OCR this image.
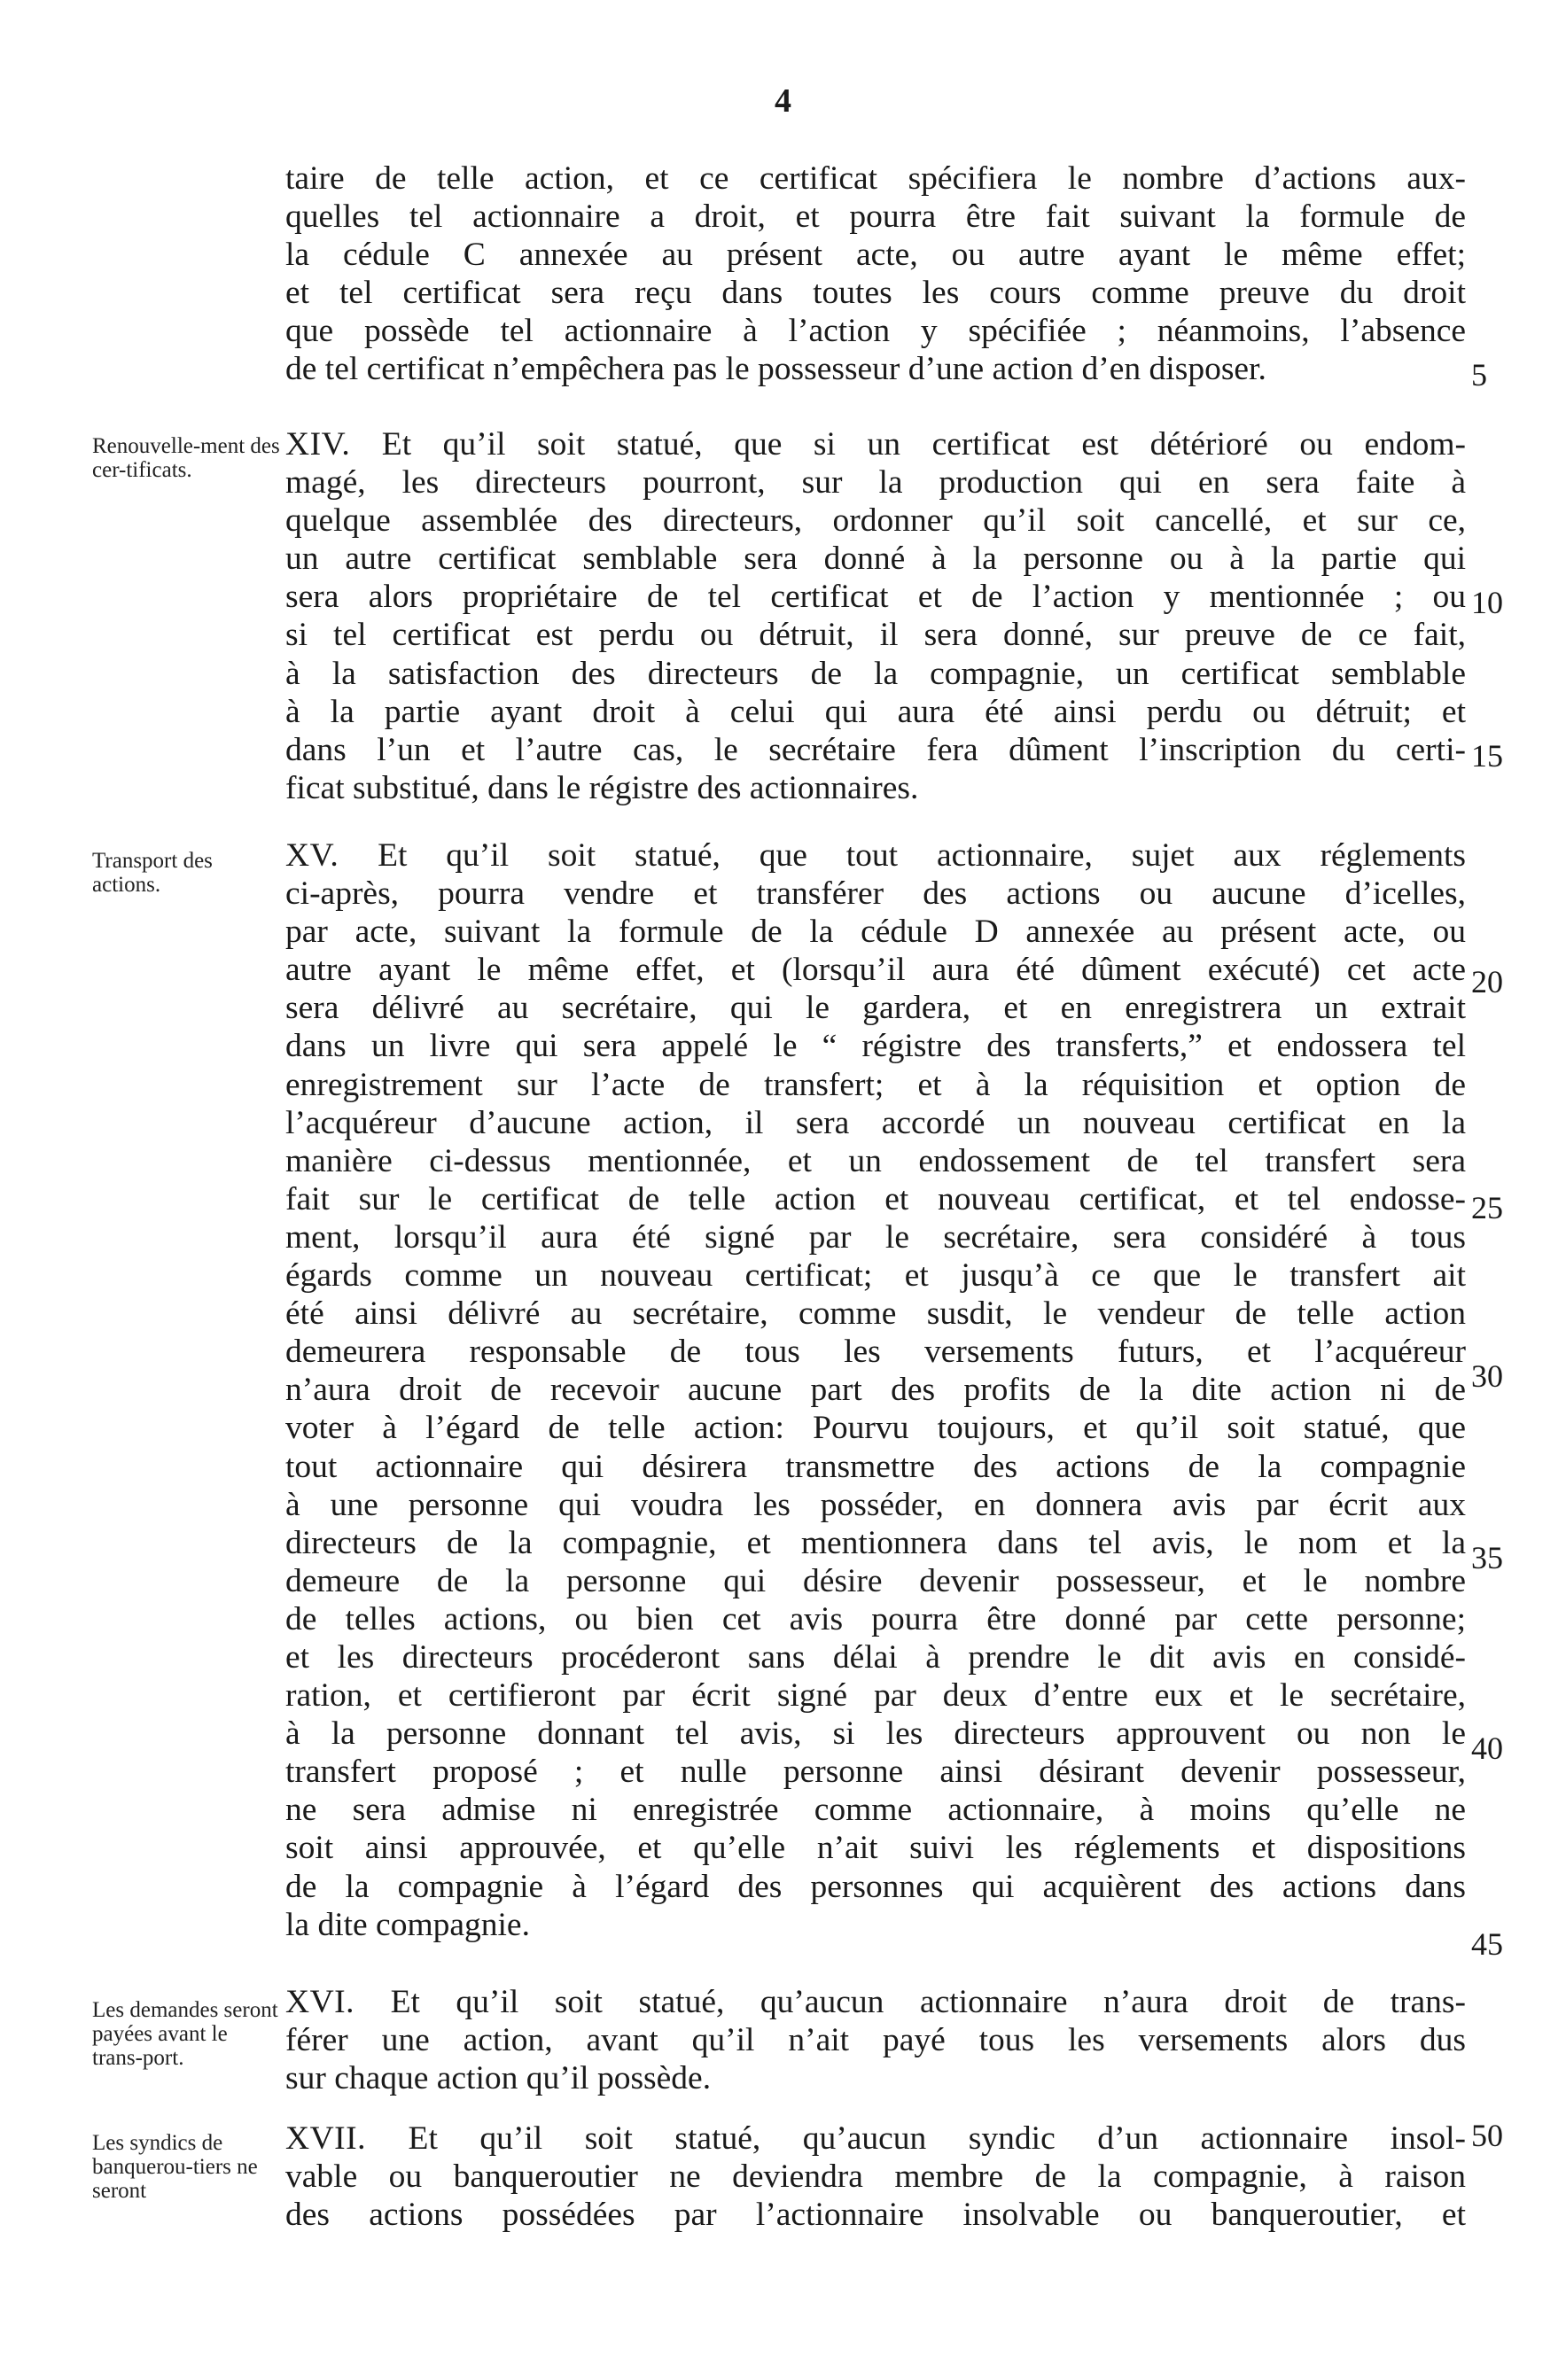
4
taire de telle action, et ce certificat spécifiera le nombre d’actions aux-
quelles tel actionnaire a droit, et pourra être fait suivant la formule de
la cédule C annexée au présent acte, ou autre ayant le même effet;
et tel certificat sera reçu dans toutes les cours comme preuve du droit
que possède tel actionnaire à l’action y spécifiée ; néanmoins, l’absence
de tel certificat n’empêchera pas le possesseur d’une action d’en disposer.
XIV. Et qu’il soit statué, que si un certificat est détérioré ou endom-
magé, les directeurs pourront, sur la production qui en sera faite à
quelque assemblée des directeurs, ordonner qu’il soit cancellé, et sur ce,
un autre certificat semblable sera donné à la personne ou à la partie qui
sera alors propriétaire de tel certificat et de l’action y mentionnée ; ou
si tel certificat est perdu ou détruit, il sera donné, sur preuve de ce fait,
à la satisfaction des directeurs de la compagnie, un certificat semblable
à la partie ayant droit à celui qui aura été ainsi perdu ou détruit; et
dans l’un et l’autre cas, le secrétaire fera dûment l’inscription du certi-
ficat substitué, dans le régistre des actionnaires.
XV. Et qu’il soit statué, que tout actionnaire, sujet aux réglements
ci-après, pourra vendre et transférer des actions ou aucune d’icelles,
par acte, suivant la formule de la cédule D annexée au présent acte, ou
autre ayant le même effet, et (lorsqu’il aura été dûment exécuté) cet acte
sera délivré au secrétaire, qui le gardera, et en enregistrera un extrait
dans un livre qui sera appelé le “ régistre des transferts,” et endossera tel
enregistrement sur l’acte de transfert; et à la réquisition et option de
l’acquéreur d’aucune action, il sera accordé un nouveau certificat en la
manière ci-dessus mentionnée, et un endossement de tel transfert sera
fait sur le certificat de telle action et nouveau certificat, et tel endosse-
ment, lorsqu’il aura été signé par le secrétaire, sera considéré à tous
égards comme un nouveau certificat; et jusqu’à ce que le transfert ait
été ainsi délivré au secrétaire, comme susdit, le vendeur de telle action
demeurera responsable de tous les versements futurs, et l’acquéreur
n’aura droit de recevoir aucune part des profits de la dite action ni de
voter à l’égard de telle action: Pourvu toujours, et qu’il soit statué, que
tout actionnaire qui désirera transmettre des actions de la compagnie
à une personne qui voudra les posséder, en donnera avis par écrit aux
directeurs de la compagnie, et mentionnera dans tel avis, le nom et la
demeure de la personne qui désire devenir possesseur, et le nombre
de telles actions, ou bien cet avis pourra être donné par cette personne;
et les directeurs procéderont sans délai à prendre le dit avis en considé-
ration, et certifieront par écrit signé par deux d’entre eux et le secrétaire,
à la personne donnant tel avis, si les directeurs approuvent ou non le
transfert proposé ; et nulle personne ainsi désirant devenir possesseur,
ne sera admise ni enregistrée comme actionnaire, à moins qu’elle ne
soit ainsi approuvée, et qu’elle n’ait suivi les réglements et dispositions
de la compagnie à l’égard des personnes qui acquièrent des actions dans
la dite compagnie.
XVI. Et qu’il soit statué, qu’aucun actionnaire n’aura droit de trans-
férer une action, avant qu’il n’ait payé tous les versements alors dus
sur chaque action qu’il possède.
XVII. Et qu’il soit statué, qu’aucun syndic d’un actionnaire insol-
vable ou banqueroutier ne deviendra membre de la compagnie, à raison
des actions possédées par l’actionnaire insolvable ou banqueroutier, et
Renouvelle-ment des cer-tificats.
Transport des actions.
Les demandes seront payées avant le trans-port.
Les syndics de banquerou-tiers ne seront
5
10
15
20
25
30
35
40
45
50
